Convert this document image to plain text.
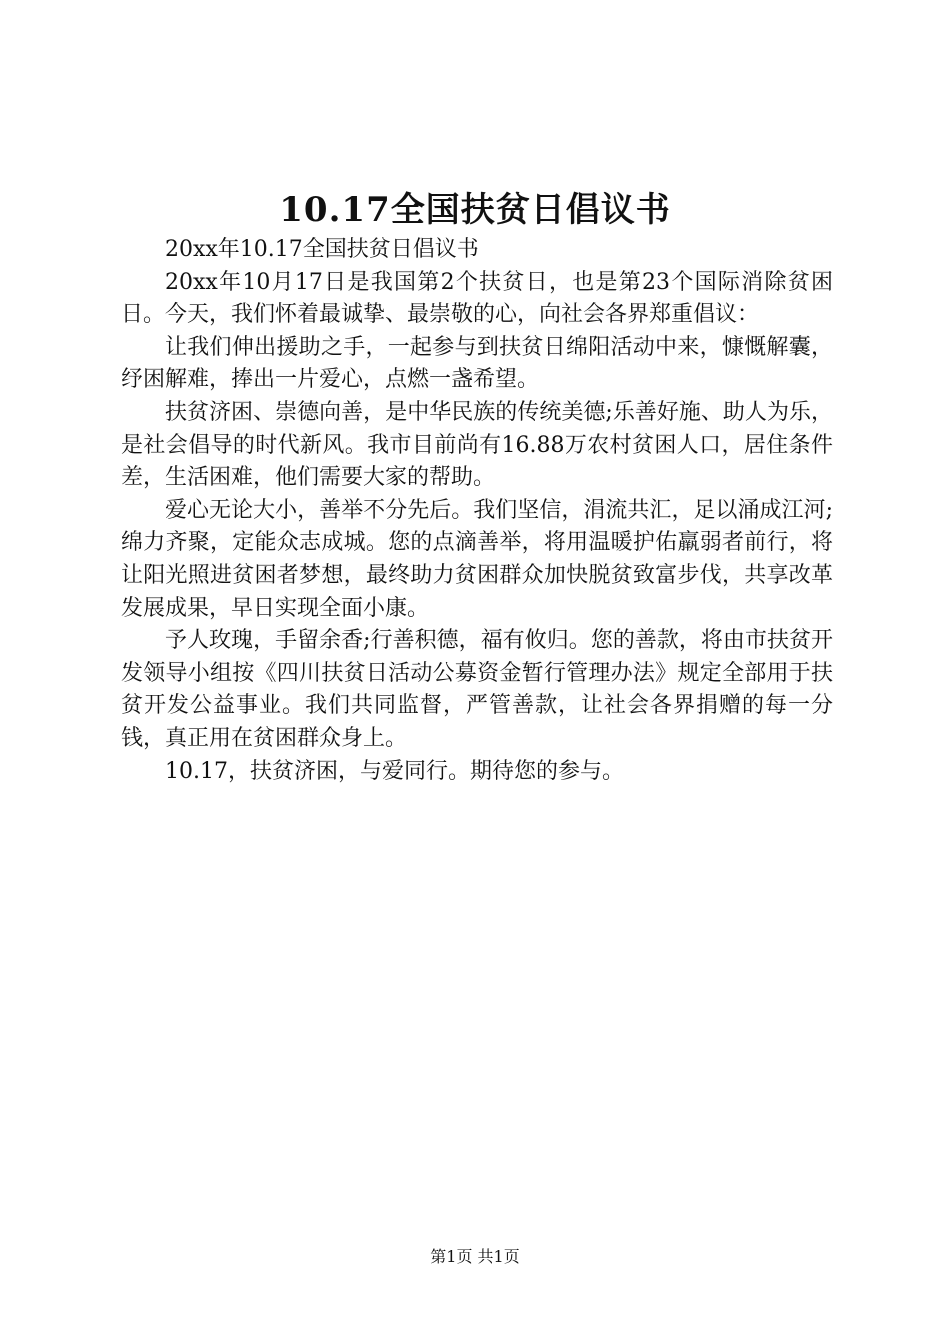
10.17全国扶贫日倡议书

20xx年10.17全国扶贫日倡议书

20xx年10月17日是我国第2个扶贫日，也是第23个国际消除贫困日。今天，我们怀着最诚挚、最崇敬的心，向社会各界郑重倡议：

让我们伸出援助之手，一起参与到扶贫日绵阳活动中来，慷慨解囊，纾困解难，捧出一片爱心，点燃一盏希望。

扶贫济困、崇德向善，是中华民族的传统美德;乐善好施、助人为乐，是社会倡导的时代新风。我市目前尚有16.88万农村贫困人口，居住条件差，生活困难，他们需要大家的帮助。

爱心无论大小，善举不分先后。我们坚信，涓流共汇，足以涌成江河;绵力齐聚，定能众志成城。您的点滴善举，将用温暖护佑羸弱者前行，将让阳光照进贫困者梦想，最终助力贫困群众加快脱贫致富步伐，共享改革发展成果，早日实现全面小康。

予人玫瑰，手留余香;行善积德，福有攸归。您的善款，将由市扶贫开发领导小组按《四川扶贫日活动公募资金暂行管理办法》规定全部用于扶贫开发公益事业。我们共同监督，严管善款，让社会各界捐赠的每一分钱，真正用在贫困群众身上。

10.17，扶贫济困，与爱同行。期待您的参与。

第1页 共1页
